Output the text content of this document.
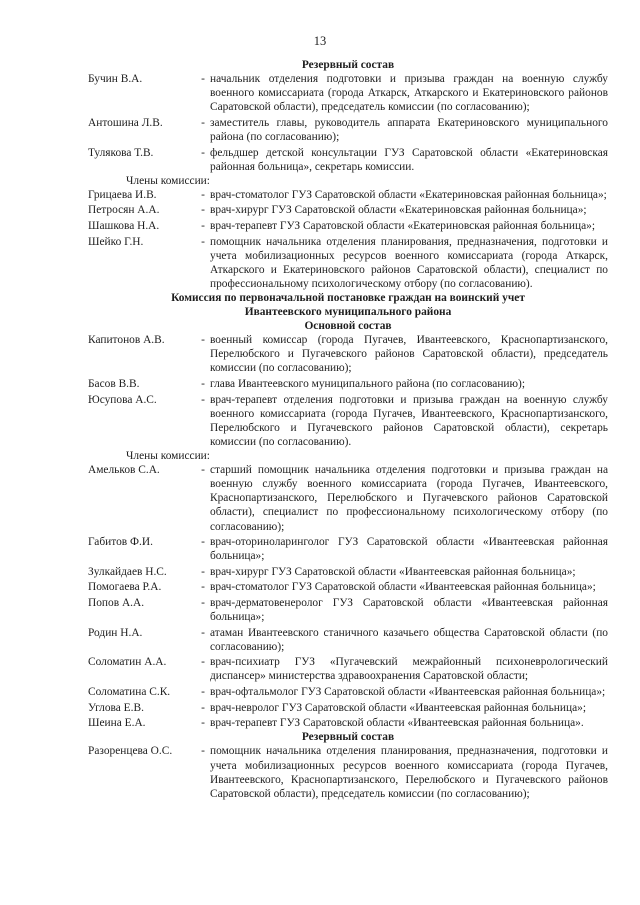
13

Резервный состав

Бучин В.А.	- начальник отделения подготовки и призыва граждан на военную службу военного комиссариата (города Аткарск, Аткарского и Екатериновского районов Саратовской области), председатель комиссии (по согласованию);
Антошина Л.В.	- заместитель главы, руководитель аппарата Екатериновского муниципального района (по согласованию);
Тулякова Т.В.	- фельдшер детской консультации ГУЗ Саратовской области «Екатериновская районная больница», секретарь комиссии.

Члены комиссии:

Грицаева И.В.	- врач-стоматолог ГУЗ Саратовской области «Екатериновская районная больница»;
Петросян А.А.	- врач-хирург ГУЗ Саратовской области «Екатериновская районная больница»;
Шашкова Н.А.	- врач-терапевт ГУЗ Саратовской области «Екатериновская районная больница»;
Шейко Г.Н.	- помощник начальника отделения планирования, предназначения, подготовки и учета мобилизационных ресурсов военного комиссариата (города Аткарск, Аткарского и Екатериновского районов Саратовской области), специалист по профессиональному психологическому отбору (по согласованию).

Комиссия по первоначальной постановке граждан на воинский учет

Ивантеевского муниципального района

Основной состав

Капитонов А.В.	- военный комиссар (города Пугачев, Ивантеевского, Краснопартизанского, Перелюбского и Пугачевского районов Саратовской области), председатель комиссии (по согласованию);
Басов В.В.	- глава Ивантеевского муниципального района (по согласованию);
Юсупова А.С.	- врач-терапевт отделения подготовки и призыва граждан на военную службу военного комиссариата (города Пугачев, Ивантеевского, Краснопартизанского, Перелюбского и Пугачевского районов Саратовской области), секретарь комиссии (по согласованию).

Члены комиссии:

Амельков С.А.	- старший помощник начальника отделения подготовки и призыва граждан на военную службу военного комиссариата (города Пугачев, Ивантеевского, Краснопартизанского, Перелюбского и Пугачевского районов Саратовской области), специалист по профессиональному психологическому отбору (по согласованию);
Габитов Ф.И.	- врач-оториноларинголог ГУЗ Саратовской области «Ивантеевская районная больница»;
Зулкайдаев Н.С.	- врач-хирург ГУЗ Саратовской области «Ивантеевская районная больница»;
Помогаева Р.А.	- врач-стоматолог ГУЗ Саратовской области «Ивантеевская районная больница»;
Попов А.А.	- врач-дерматовенеролог ГУЗ Саратовской области «Ивантеевская районная больница»;
Родин Н.А.	- атаман Ивантеевского станичного казачьего общества Саратовской области (по согласованию);
Соломатин А.А.	- врач-психиатр ГУЗ «Пугачевский межрайонный психоневрологический диспансер» министерства здравоохранения Саратовской области;
Соломатина С.К.	- врач-офтальмолог ГУЗ Саратовской области «Ивантеевская районная больница»;
Углова Е.В.	- врач-невролог ГУЗ Саратовской области «Ивантеевская районная больница»;
Шеина Е.А.	- врач-терапевт ГУЗ Саратовской области «Ивантеевская районная больница».

Резервный состав

Разоренцева О.С.	- помощник начальника отделения планирования, предназначения, подготовки и учета мобилизационных ресурсов военного комиссариата (города Пугачев, Ивантеевского, Краснопартизанского, Перелюбского и Пугачевского районов Саратовской области), председатель комиссии (по согласованию);
